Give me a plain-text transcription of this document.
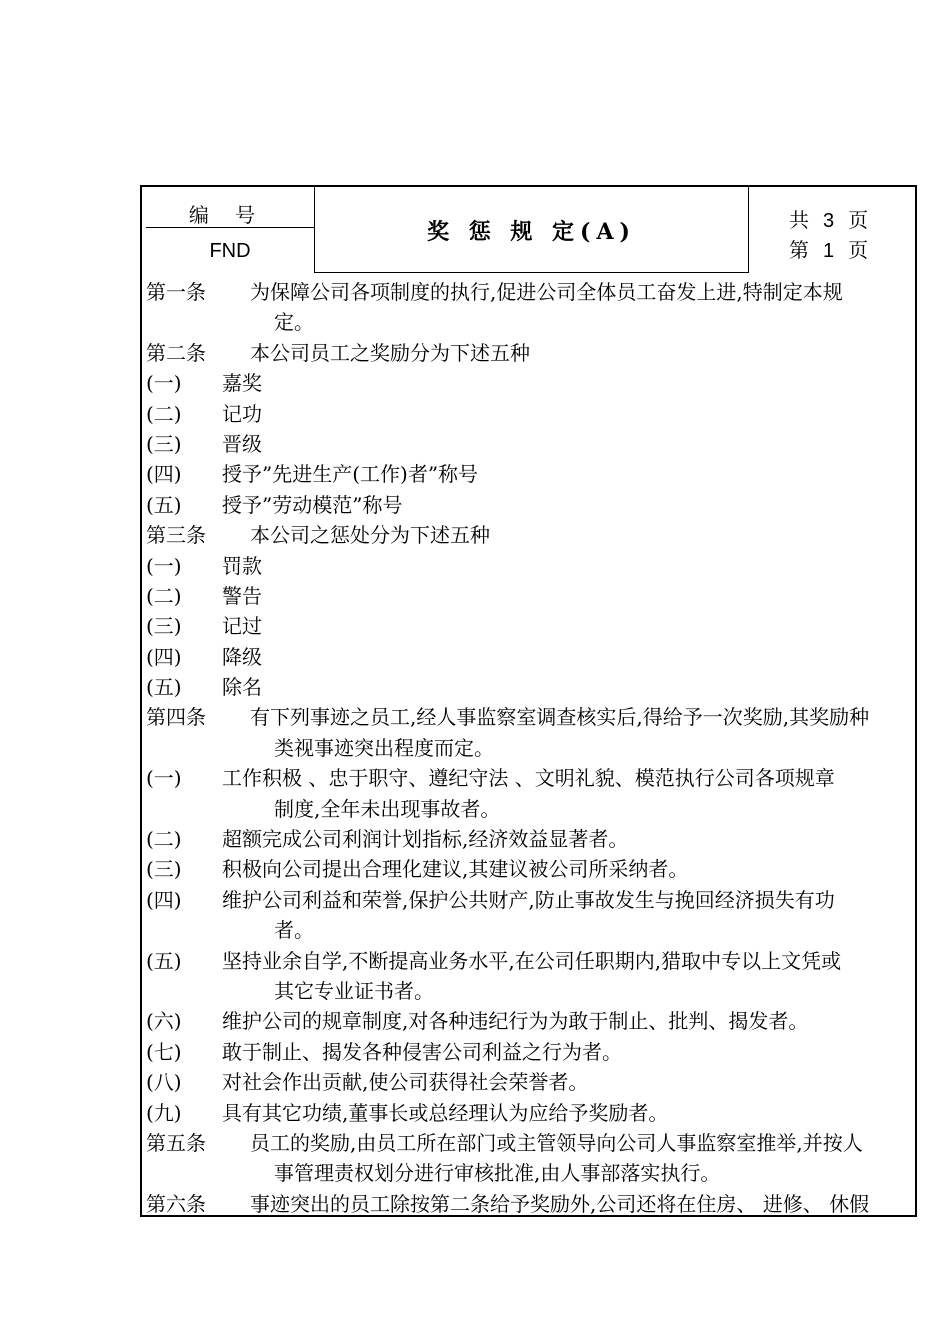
编 号
FND
奖 惩 规 定(A)	共 3 页
第 1 页
第一条 为保障公司各项制度的执行,促进公司全体员工奋发上进,特制定本规
定。
第二条 本公司员工之奖励分为下述五种
(一) 嘉奖
(二) 记功
(三) 晋级
(四) 授予”先进生产(工作)者”称号
(五) 授予”劳动模范”称号
第三条 本公司之惩处分为下述五种
(一) 罚款
(二) 警告
(三) 记过
(四) 降级
(五) 除名
第四条 有下列事迹之员工,经人事监察室调查核实后,得给予一次奖励,其奖励种
类视事迹突出程度而定。
(一) 工作积极 、忠于职守、遵纪守法 、文明礼貌、模范执行公司各项规章
制度,全年未出现事故者。
(二) 超额完成公司利润计划指标,经济效益显著者。
(三) 积极向公司提出合理化建议,其建议被公司所采纳者。
(四) 维护公司利益和荣誉,保护公共财产,防止事故发生与挽回经济损失有功
者。
(五) 坚持业余自学,不断提高业务水平,在公司任职期内,猎取中专以上文凭或
其它专业证书者。
(六) 维护公司的规章制度,对各种违纪行为为敢于制止、批判、揭发者。
(七) 敢于制止、揭发各种侵害公司利益之行为者。
(八) 对社会作出贡献,使公司获得社会荣誉者。
(九) 具有其它功绩,董事长或总经理认为应给予奖励者。
第五条 员工的奖励,由员工所在部门或主管领导向公司人事监察室推举,并按人
事管理责权划分进行审核批准,由人事部落实执行。
第六条 事迹突出的员工除按第二条给予奖励外,公司还将在住房、 进修、 休假
